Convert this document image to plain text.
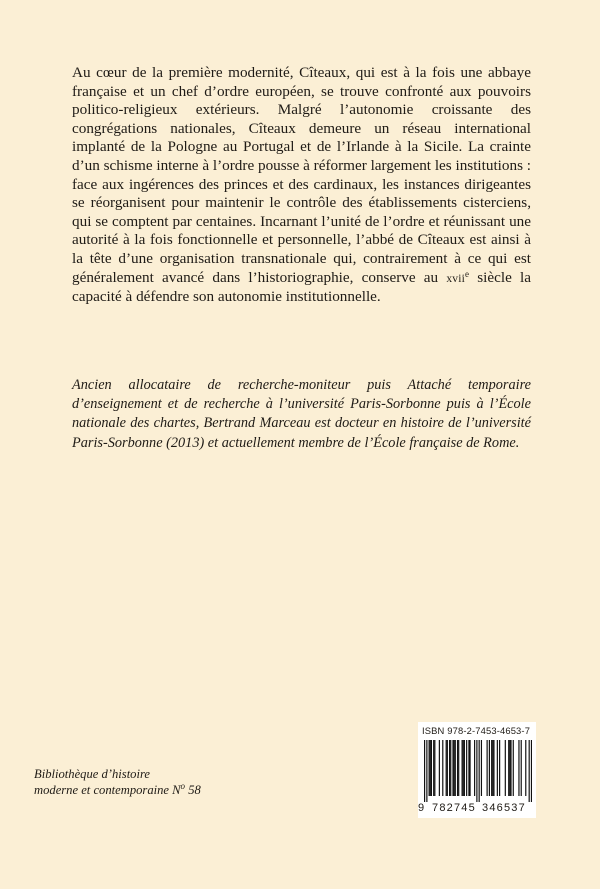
Au cœur de la première modernité, Cîteaux, qui est à la fois une abbaye française et un chef d’ordre européen, se trouve confronté aux pouvoirs politico-religieux extérieurs. Malgré l’autonomie croissante des congrégations nationales, Cîteaux demeure un réseau international implanté de la Pologne au Portugal et de l’Irlande à la Sicile. La crainte d’un schisme interne à l’ordre pousse à réformer largement les institutions : face aux ingérences des princes et des cardinaux, les instances dirigeantes se réorganisent pour maintenir le contrôle des établissements cisterciens, qui se comptent par centaines. Incarnant l’unité de l’ordre et réunissant une autorité à la fois fonctionnelle et personnelle, l’abbé de Cîteaux est ainsi à la tête d’une organisation transnationale qui, contrairement à ce qui est généralement avancé dans l’historiographie, conserve au xvii$^e$ siècle la capacité à défendre son autonomie institutionnelle.

Ancien allocataire de recherche-moniteur puis Attaché temporaire d’enseignement et de recherche à l’université Paris-Sorbonne puis à l’École nationale des chartes, Bertrand Marceau est docteur en histoire de l’université Paris-Sorbonne (2013) et actuellement membre de l’École française de Rome.

Bibliothèque d’histoire
moderne et contemporaine $N^o$ 58
ISBN 978-2-7453-4653-7
9 782745 346537
